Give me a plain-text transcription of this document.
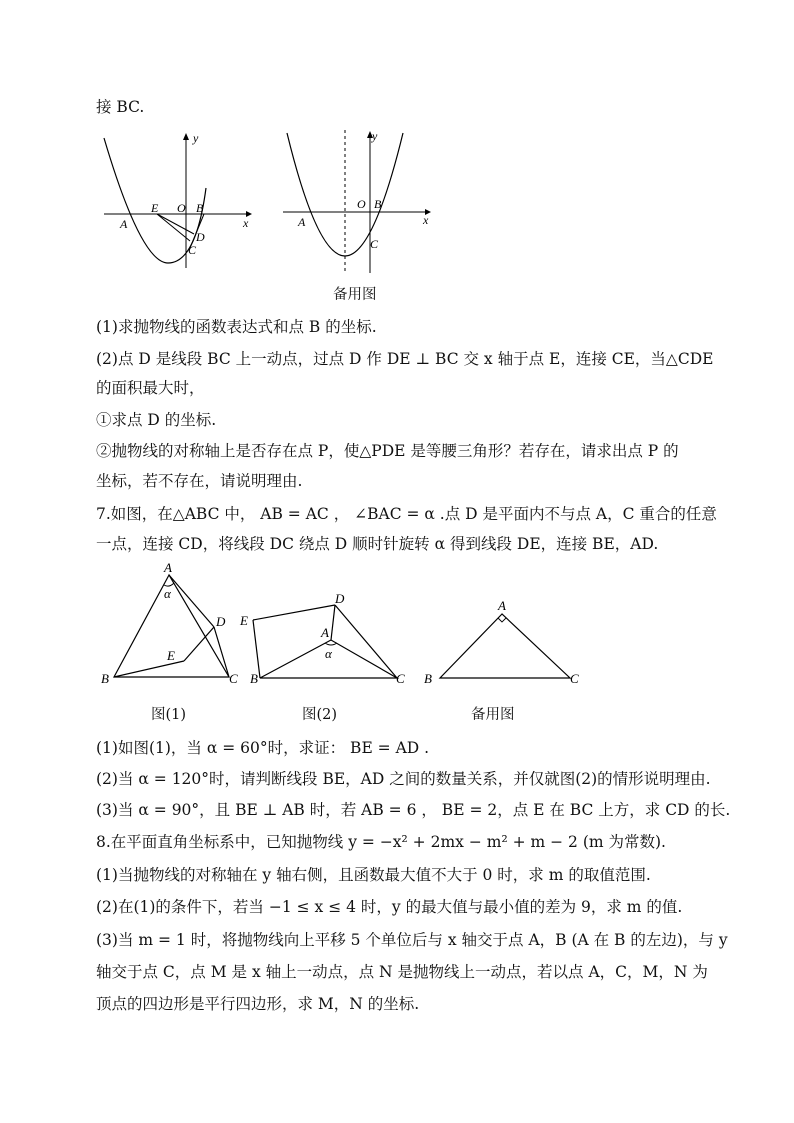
接 BC.
(1)求抛物线的函数表达式和点 B 的坐标.
(2)点 D 是线段 BC 上一动点，过点 D 作 DE ⊥ BC 交 x 轴于点 E，连接 CE，当△CDE
的面积最大时，
①求点 D 的坐标.
②抛物线的对称轴上是否存在点 P，使△PDE 是等腰三角形？若存在，请求出点 P 的
坐标，若不存在，请说明理由.
7.如图，在△ABC 中， AB = AC ， ∠BAC = α .点 D 是平面内不与点 A，C 重合的任意
一点，连接 CD，将线段 DC 绕点 D 顺时针旋转 α 得到线段 DE，连接 BE，AD.
(1)如图(1)，当 α = 60°时，求证： BE = AD .
(2)当 α = 120°时，请判断线段 BE，AD 之间的数量关系，并仅就图(2)的情形说明理由.
(3)当 α = 90°，且 BE ⊥ AB 时，若 AB = 6 ， BE = 2，点 E 在 BC 上方，求 CD 的长.
8.在平面直角坐标系中，已知抛物线 y = −x² + 2mx − m² + m − 2 (m 为常数).
(1)当抛物线的对称轴在 y 轴右侧，且函数最大值不大于 0 时，求 m 的取值范围.
(2)在(1)的条件下，若当 −1 ≤ x ≤ 4 时，y 的最大值与最小值的差为 9，求 m 的值.
(3)当 m = 1 时，将抛物线向上平移 5 个单位后与 x 轴交于点 A，B (A 在 B 的左边)，与 y
轴交于点 C，点 M 是 x 轴上一动点，点 N 是抛物线上一动点，若以点 A，C，M，N 为
顶点的四边形是平行四边形，求 M，N 的坐标.
y
x
A
E O B
D
C
y
x
A
O B
C
备用图
A
α
D
E
B	C
图(1)
D
E
A
α
B	C
图(2)
A
B	C
备用图
